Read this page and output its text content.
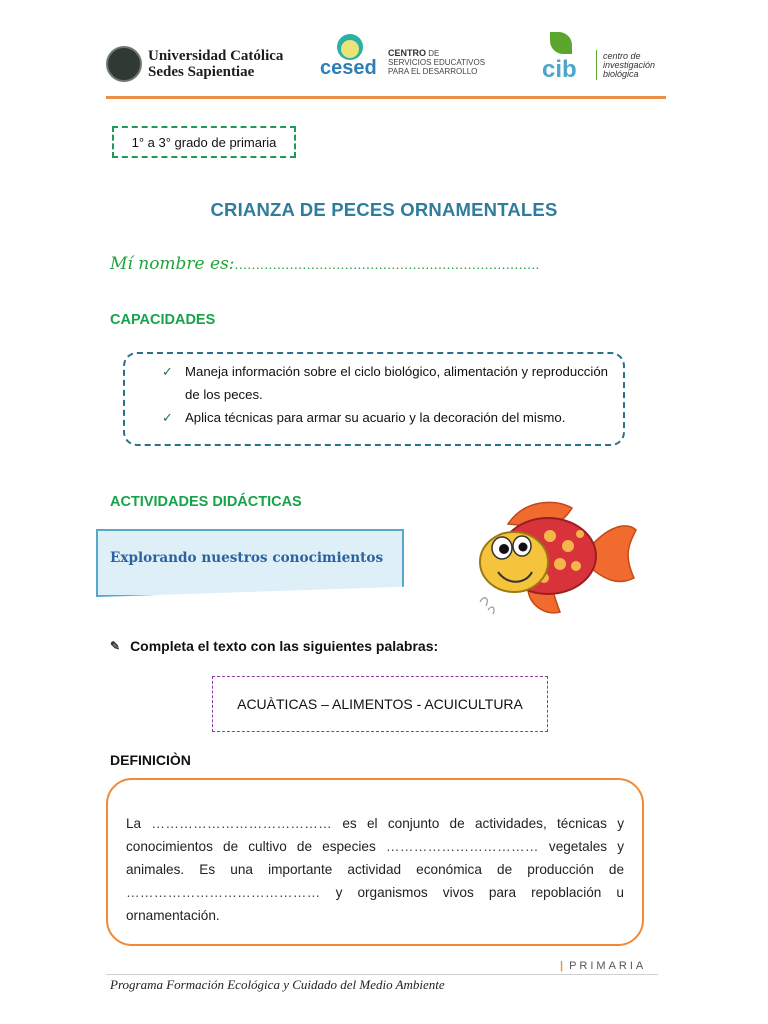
Universidad Católica
Sedes Sapientiae	cesed
CENTRO DE
SERVICIOS EDUCATIVOS
PARA EL DESARROLLO	cib	centro de
investigación
biológica
1° a 3° grado de primaria
CRIANZA DE PECES ORNAMENTALES
Mí nombre es:........................................................................
CAPACIDADES
✓ Maneja información sobre el ciclo biológico, alimentación y reproducción de los peces.
✓ Aplica técnicas para armar su acuario y la decoración del mismo.
ACTIVIDADES DIDÁCTICAS
Explorando nuestros conocimientos
✎ Completa el texto con las siguientes palabras:
ACUÀTICAS – ALIMENTOS - ACUICULTURA
DEFINICIÒN
La ………………………………… es el conjunto de actividades, técnicas y conocimientos de cultivo de especies …………………………… vegetales y animales. Es una importante actividad económica de producción de …………………………………… y organismos vivos para repoblación u ornamentación.
| PRIMARIA
Programa Formación Ecológica y Cuidado del Medio Ambiente
